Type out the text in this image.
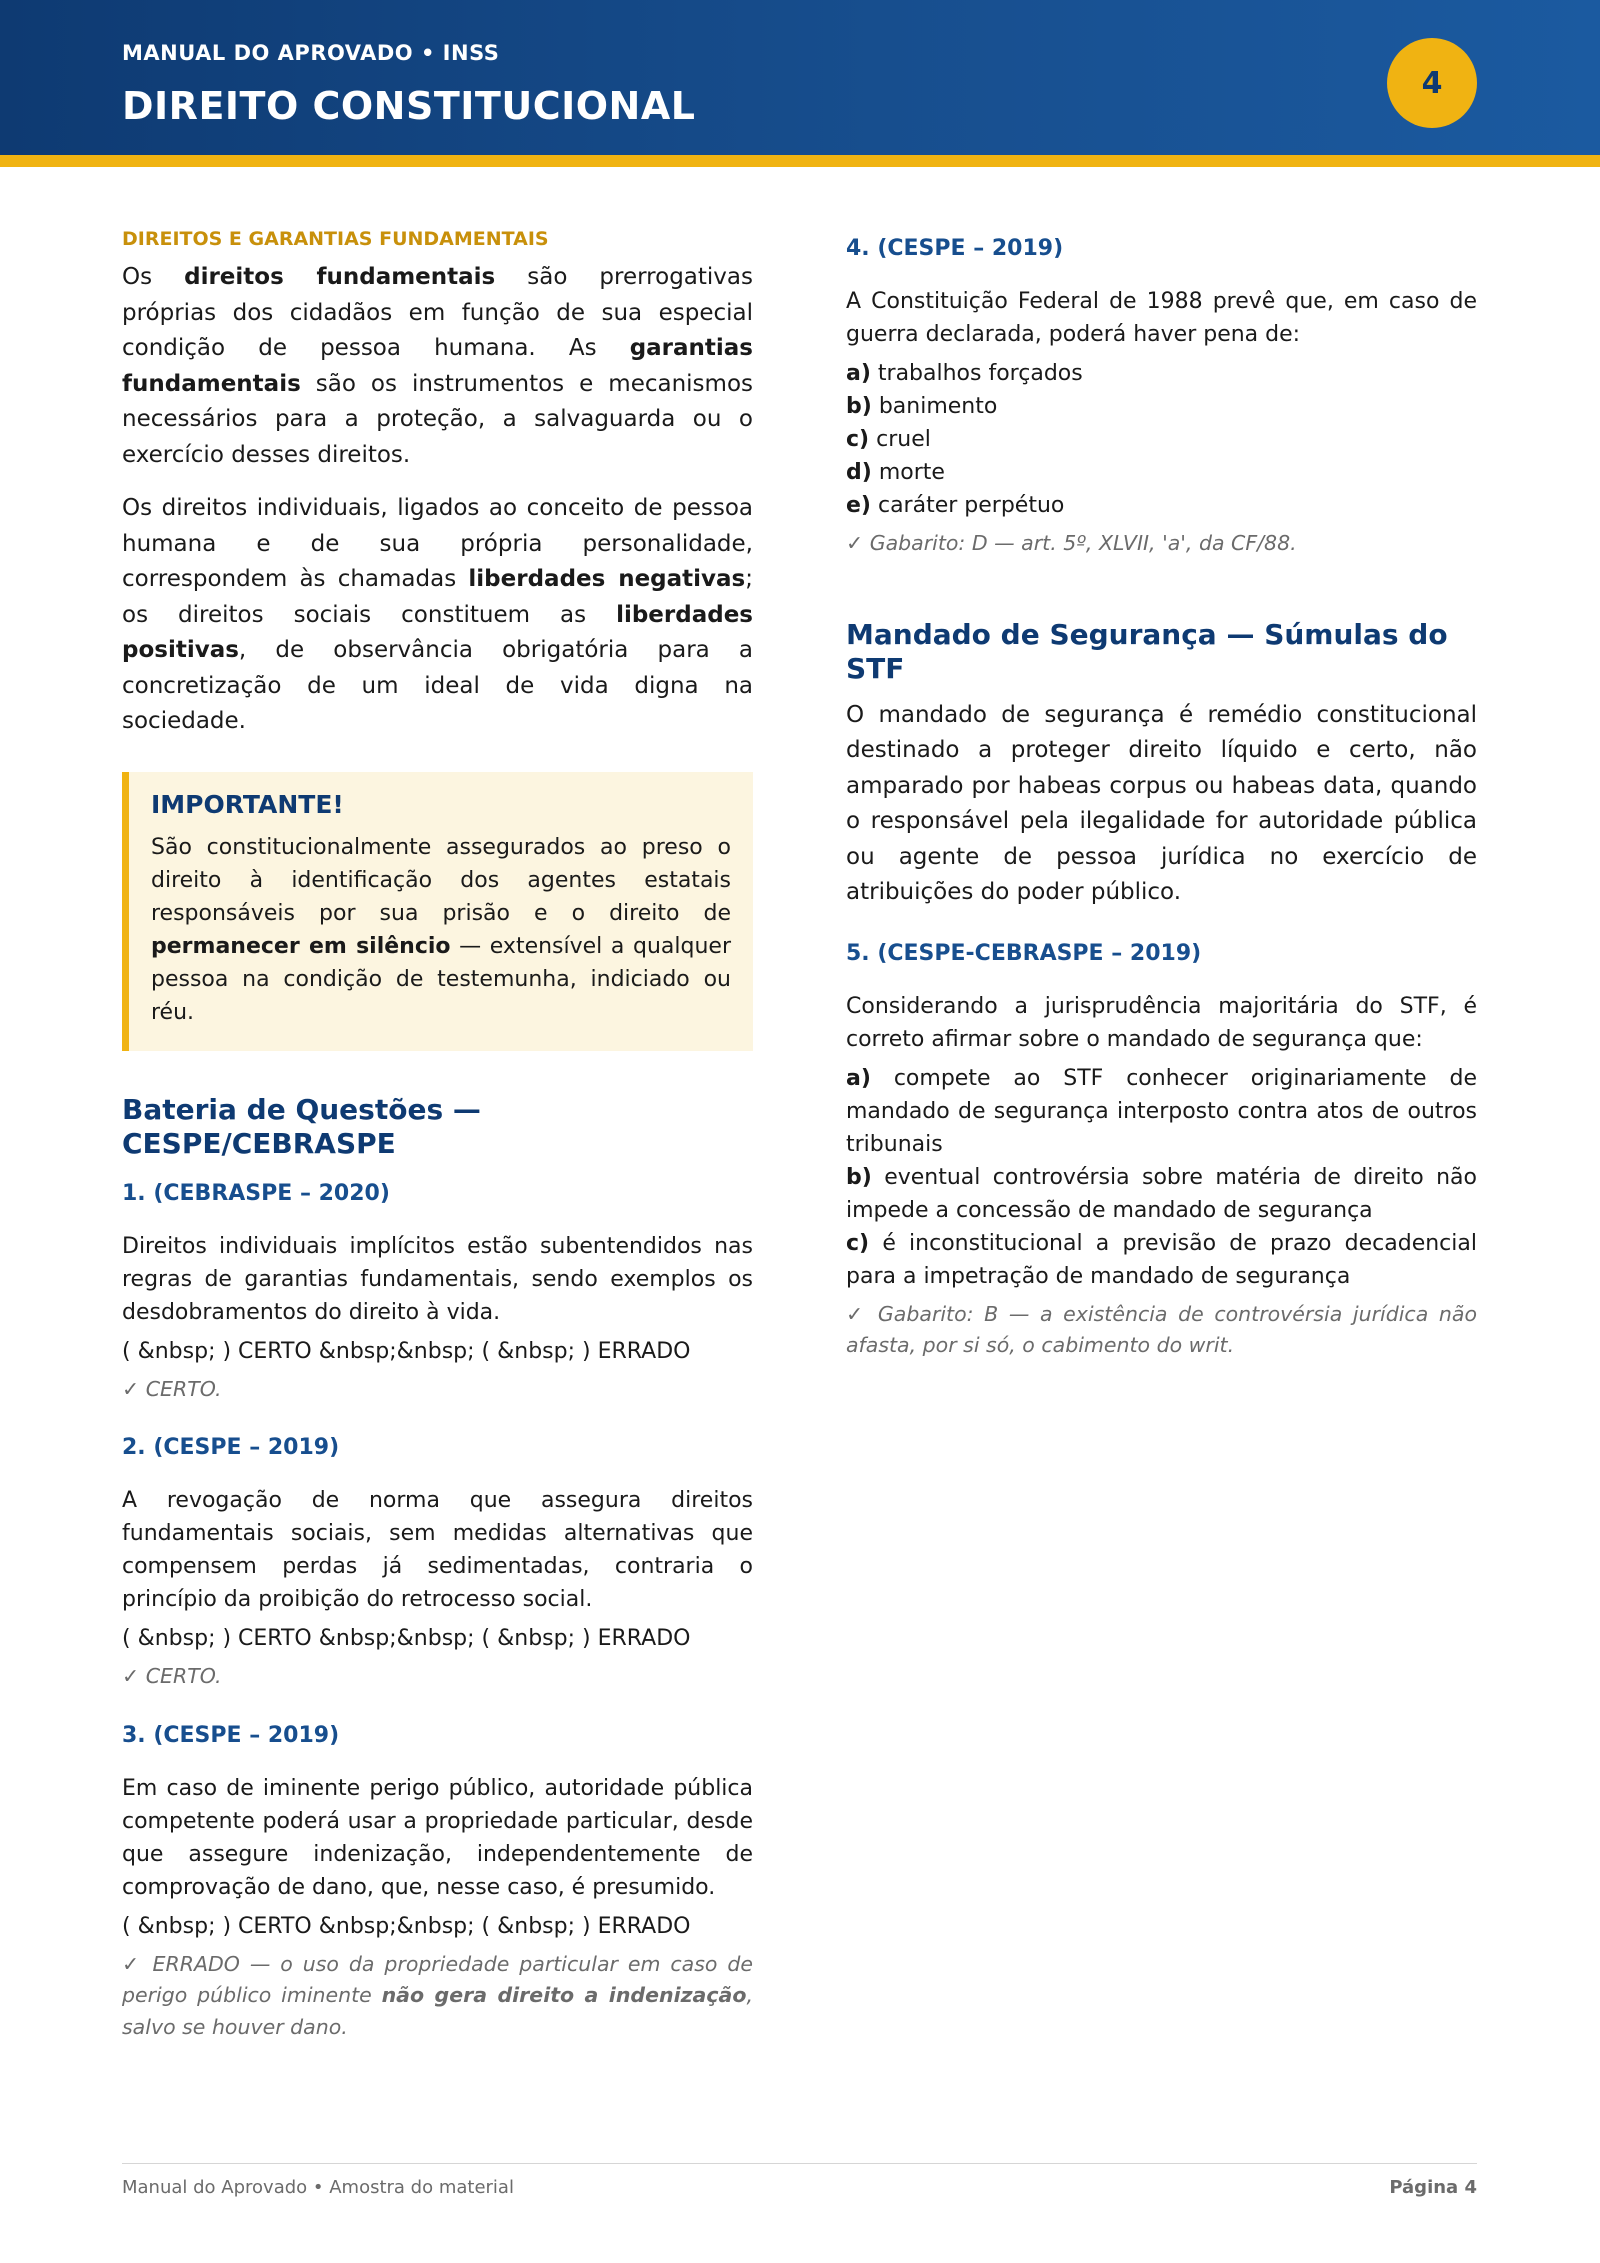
MANUAL DO APROVADO • INSS
DIREITO CONSTITUCIONAL
4
DIREITOS E GARANTIAS FUNDAMENTAIS

Os direitos fundamentais são prerrogativas próprias dos cidadãos em função de sua especial condição de pessoa humana. As garantias fundamentais são os instrumentos e mecanismos necessários para a proteção, a salvaguarda ou o exercício desses direitos.

Os direitos individuais, ligados ao conceito de pessoa humana e de sua própria personalidade, correspondem às chamadas liberdades negativas; os direitos sociais constituem as liberdades positivas, de observância obrigatória para a concretização de um ideal de vida digna na sociedade.

IMPORTANTE!

São constitucionalmente assegurados ao preso o direito à identificação dos agentes estatais responsáveis por sua prisão e o direito de permanecer em silêncio — extensível a qualquer pessoa na condição de testemunha, indiciado ou réu.

Bateria de Questões — CESPE/CEBRASPE
1. (CEBRASPE – 2020)

Direitos individuais implícitos estão subentendidos nas regras de garantias fundamentais, sendo exemplos os desdobramentos do direito à vida.

( &nbsp; ) CERTO &nbsp;&nbsp; ( &nbsp; ) ERRADO

✓ CERTO.

2. (CESPE – 2019)

A revogação de norma que assegura direitos fundamentais sociais, sem medidas alternativas que compensem perdas já sedimentadas, contraria o princípio da proibição do retrocesso social.

( &nbsp; ) CERTO &nbsp;&nbsp; ( &nbsp; ) ERRADO

✓ CERTO.

3. (CESPE – 2019)

Em caso de iminente perigo público, autoridade pública competente poderá usar a propriedade particular, desde que assegure indenização, independentemente de comprovação de dano, que, nesse caso, é presumido.

( &nbsp; ) CERTO &nbsp;&nbsp; ( &nbsp; ) ERRADO

✓ ERRADO — o uso da propriedade particular em caso de perigo público iminente não gera direito a indenização, salvo se houver dano.

4. (CESPE – 2019)

A Constituição Federal de 1988 prevê que, em caso de guerra declarada, poderá haver pena de:

a) trabalhos forçados
b) banimento
c) cruel
d) morte
e) caráter perpétuo

✓ Gabarito: D — art. 5º, XLVII, 'a', da CF/88.

Mandado de Segurança — Súmulas do STF

O mandado de segurança é remédio constitucional destinado a proteger direito líquido e certo, não amparado por habeas corpus ou habeas data, quando o responsável pela ilegalidade for autoridade pública ou agente de pessoa jurídica no exercício de atribuições do poder público.

5. (CESPE-CEBRASPE – 2019)

Considerando a jurisprudência majoritária do STF, é correto afirmar sobre o mandado de segurança que:

a) compete ao STF conhecer originariamente de mandado de segurança interposto contra atos de outros tribunais
b) eventual controvérsia sobre matéria de direito não impede a concessão de mandado de segurança
c) é inconstitucional a previsão de prazo decadencial para a impetração de mandado de segurança

✓ Gabarito: B — a existência de controvérsia jurídica não afasta, por si só, o cabimento do writ.

Manual do Aprovado • Amostra do material	Página 4
